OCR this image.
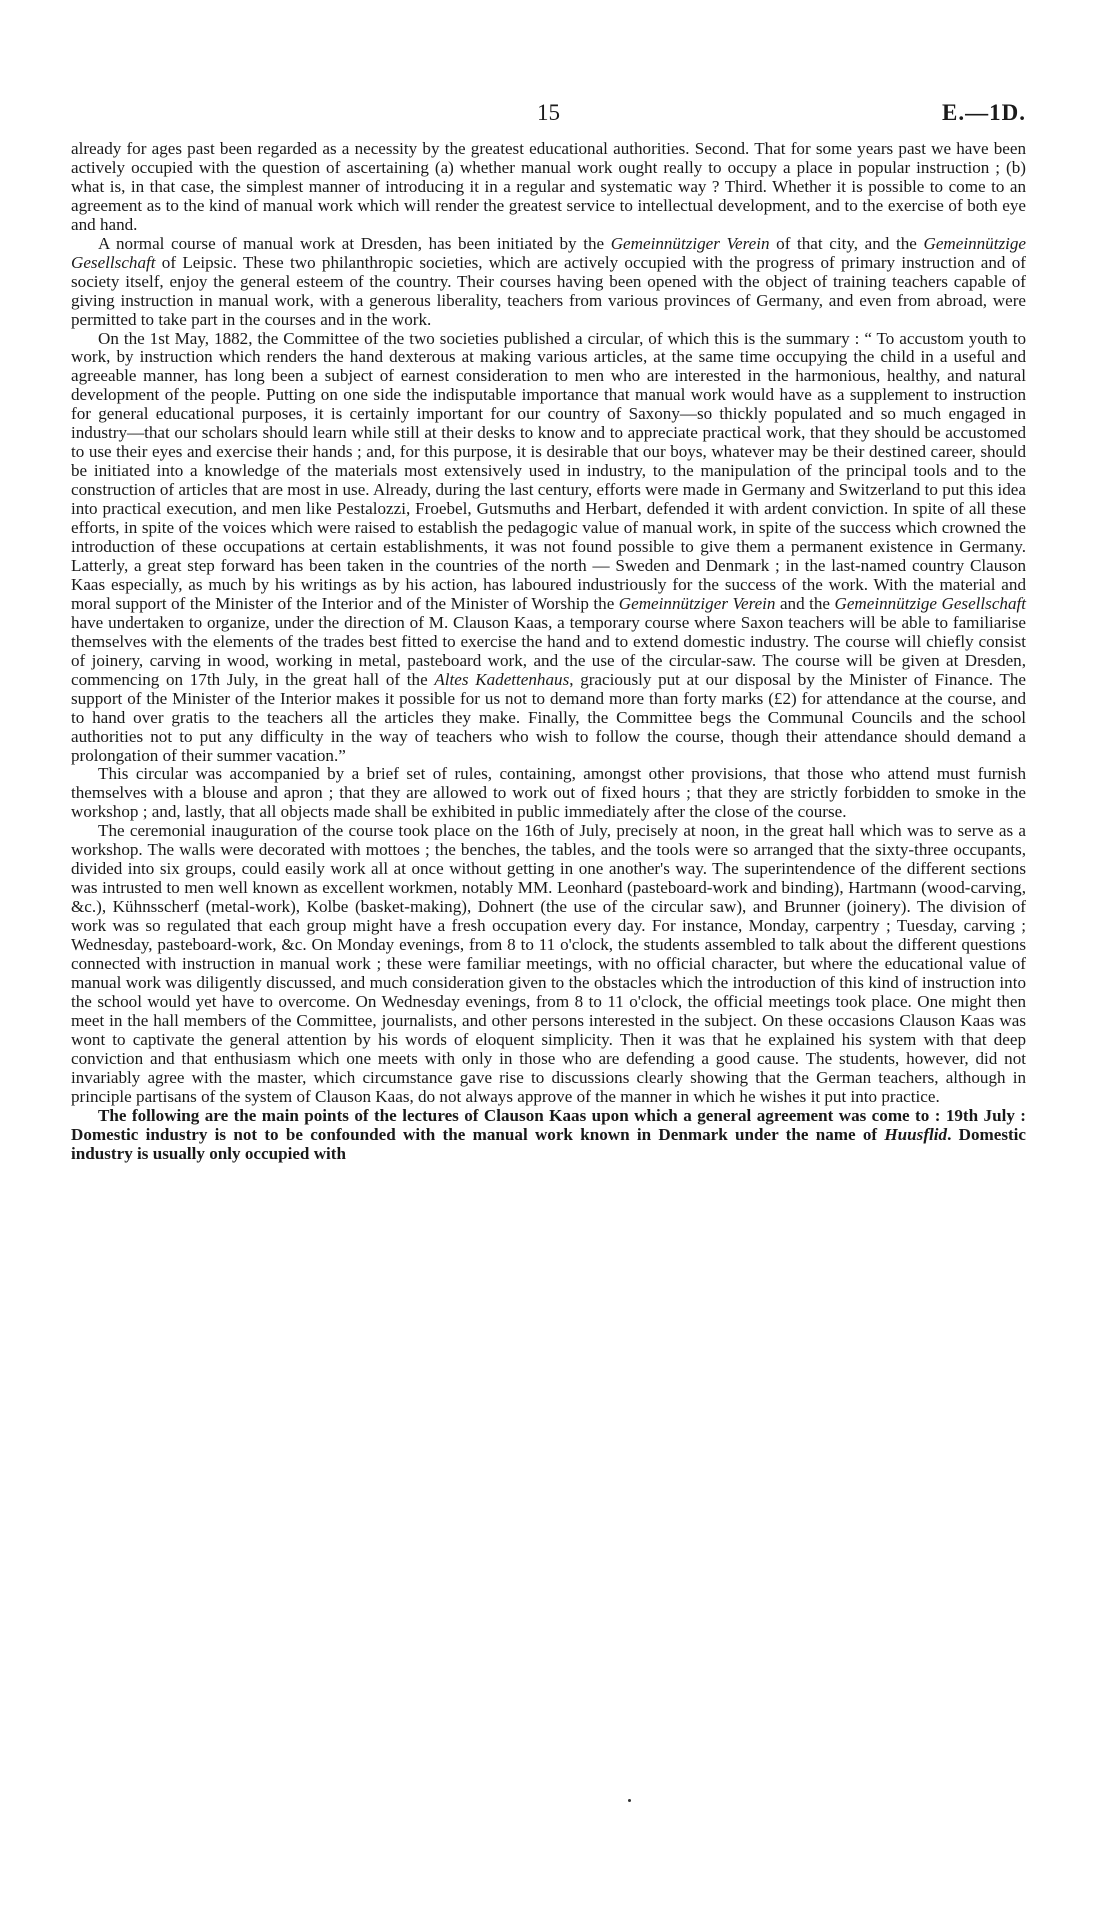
15	E.—1D.

already for ages past been regarded as a necessity by the greatest educational authorities. Second. That for some years past we have been actively occupied with the question of ascertaining (a) whether manual work ought really to occupy a place in popular instruction ; (b) what is, in that case, the simplest manner of introducing it in a regular and systematic way ? Third. Whether it is possible to come to an agreement as to the kind of manual work which will render the greatest service to intellectual development, and to the exercise of both eye and hand.

A normal course of manual work at Dresden, has been initiated by the Gemeinnütziger Verein of that city, and the Gemeinnützige Gesellschaft of Leipsic. These two philanthropic societies, which are actively occupied with the progress of primary instruction and of society itself, enjoy the general esteem of the country. Their courses having been opened with the object of training teachers capable of giving instruction in manual work, with a generous liberality, teachers from various provinces of Germany, and even from abroad, were permitted to take part in the courses and in the work.

On the 1st May, 1882, the Committee of the two societies published a circular, of which this is the summary : “ To accustom youth to work, by instruction which renders the hand dexterous at making various articles, at the same time occupying the child in a useful and agreeable manner, has long been a subject of earnest consideration to men who are interested in the harmonious, healthy, and natural development of the people. Putting on one side the indisputable importance that manual work would have as a supplement to instruction for general educational purposes, it is certainly important for our country of Saxony—so thickly populated and so much engaged in industry—that our scholars should learn while still at their desks to know and to appreciate practical work, that they should be accustomed to use their eyes and exercise their hands ; and, for this purpose, it is desirable that our boys, whatever may be their destined career, should be initiated into a knowledge of the materials most extensively used in industry, to the manipulation of the principal tools and to the construction of articles that are most in use. Already, during the last century, efforts were made in Germany and Switzerland to put this idea into practical execution, and men like Pestalozzi, Froebel, Gutsmuths and Herbart, defended it with ardent conviction. In spite of all these efforts, in spite of the voices which were raised to establish the pedagogic value of manual work, in spite of the success which crowned the introduction of these occupations at certain establishments, it was not found possible to give them a permanent existence in Germany. Latterly, a great step forward has been taken in the countries of the north — Sweden and Denmark ; in the last-named country Clauson Kaas especially, as much by his writings as by his action, has laboured industriously for the success of the work. With the material and moral support of the Minister of the Interior and of the Minister of Worship the Gemeinnütziger Verein and the Gemeinnützige Gesellschaft have undertaken to organize, under the direction of M. Clauson Kaas, a temporary course where Saxon teachers will be able to familiarise themselves with the elements of the trades best fitted to exercise the hand and to extend domestic industry. The course will chiefly consist of joinery, carving in wood, working in metal, pasteboard work, and the use of the circular-saw. The course will be given at Dresden, commencing on 17th July, in the great hall of the Altes Kadettenhaus, graciously put at our disposal by the Minister of Finance. The support of the Minister of the Interior makes it possible for us not to demand more than forty marks (£2) for attendance at the course, and to hand over gratis to the teachers all the articles they make. Finally, the Committee begs the Communal Councils and the school authorities not to put any difficulty in the way of teachers who wish to follow the course, though their attendance should demand a prolongation of their summer vacation.”

This circular was accompanied by a brief set of rules, containing, amongst other provisions, that those who attend must furnish themselves with a blouse and apron ; that they are allowed to work out of fixed hours ; that they are strictly forbidden to smoke in the workshop ; and, lastly, that all objects made shall be exhibited in public immediately after the close of the course.

The ceremonial inauguration of the course took place on the 16th of July, precisely at noon, in the great hall which was to serve as a workshop. The walls were decorated with mottoes ; the benches, the tables, and the tools were so arranged that the sixty-three occupants, divided into six groups, could easily work all at once without getting in one another's way. The superintendence of the different sections was intrusted to men well known as excellent workmen, notably MM. Leonhard (pasteboard-work and binding), Hartmann (wood-carving, &c.), Kühnsscherf (metal-work), Kolbe (basket-making), Dohnert (the use of the circular saw), and Brunner (joinery). The division of work was so regulated that each group might have a fresh occupation every day. For instance, Monday, carpentry ; Tuesday, carving ; Wednesday, pasteboard-work, &c. On Monday evenings, from 8 to 11 o'clock, the students assembled to talk about the different questions connected with instruction in manual work ; these were familiar meetings, with no official character, but where the educational value of manual work was diligently discussed, and much consideration given to the obstacles which the introduction of this kind of instruction into the school would yet have to overcome. On Wednesday evenings, from 8 to 11 o'clock, the official meetings took place. One might then meet in the hall members of the Committee, journalists, and other persons interested in the subject. On these occasions Clauson Kaas was wont to captivate the general attention by his words of eloquent simplicity. Then it was that he explained his system with that deep conviction and that enthusiasm which one meets with only in those who are defending a good cause. The students, however, did not invariably agree with the master, which circumstance gave rise to discussions clearly showing that the German teachers, although in principle partisans of the system of Clauson Kaas, do not always approve of the manner in which he wishes it put into practice.

The following are the main points of the lectures of Clauson Kaas upon which a general agreement was come to : 19th July : Domestic industry is not to be confounded with the manual work known in Denmark under the name of Huusflid. Domestic industry is usually only occupied with
